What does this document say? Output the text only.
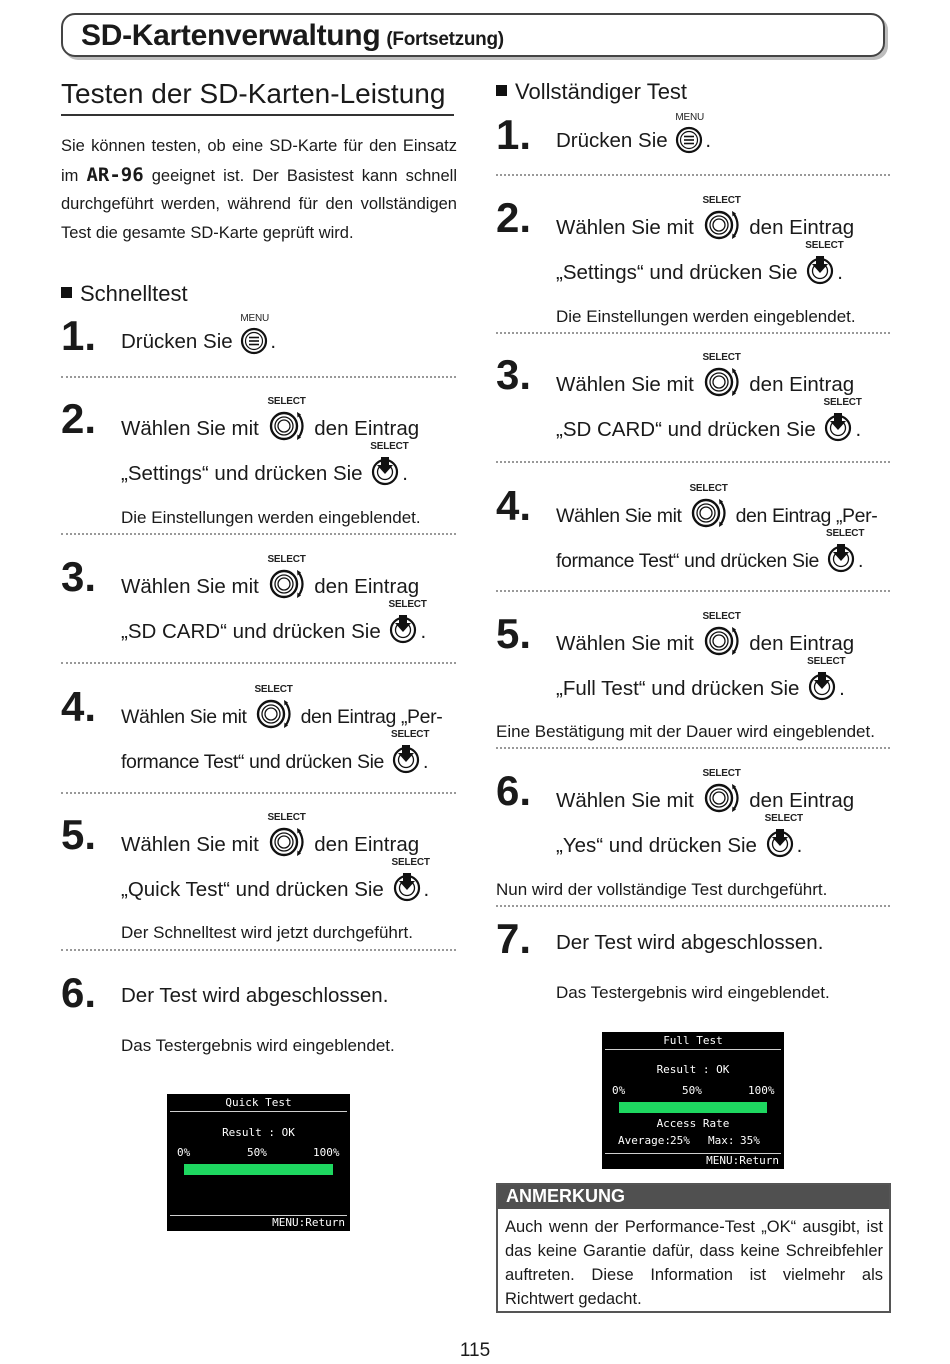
SD-Kartenverwaltung (Fortsetzung)
Testen der SD-Karten-Leistung
Sie können testen, ob eine SD-Karte für den Einsatz im AR-96 geeignet ist. Der Basistest kann schnell durchgeführt werden, während für den vollständigen Test die gesamte SD-Karte geprüft wird.
Schnelltest
1. Drücken Sie
MENU
.
2. Wählen Sie mit
SELECT
den Eintrag
„Settings“ und drücken Sie
SELECT
.
Die Einstellungen werden eingeblendet.
3. Wählen Sie mit
SELECT
den Eintrag
„SD CARD“ und drücken Sie
SELECT
.
4. Wählen Sie mit
SELECT
den Eintrag „Per-
formance Test“ und drücken Sie
SELECT
.
5. Wählen Sie mit
SELECT
den Eintrag
„Quick Test“ und drücken Sie
SELECT
.
Der Schnelltest wird jetzt durchgeführt.
6. Der Test wird abgeschlossen.
Das Testergebnis wird eingeblendet.
Quick Test
Result : OK
0%	50%	100%
MENU:Return
Vollständiger Test
1. Drücken Sie
MENU
.
2. Wählen Sie mit
SELECT
den Eintrag
„Settings“ und drücken Sie
SELECT
.
Die Einstellungen werden eingeblendet.
3. Wählen Sie mit
SELECT
den Eintrag
„SD CARD“ und drücken Sie
SELECT
.
4. Wählen Sie mit
SELECT
den Eintrag „Per-
formance Test“ und drücken Sie
SELECT
.
5. Wählen Sie mit
SELECT
den Eintrag
„Full Test“ und drücken Sie
SELECT
.
Eine Bestätigung mit der Dauer wird eingeblendet.
6. Wählen Sie mit
SELECT
den Eintrag
„Yes“ und drücken Sie
SELECT
.
Nun wird der vollständige Test durchgeführt.
7. Der Test wird abgeschlossen.
Das Testergebnis wird eingeblendet.
Full Test
Result : OK
0%	50%	100%
Access Rate
Average: 25% Max: 35%
MENU:Return
ANMERKUNG
Auch wenn der Performance-Test „OK“ ausgibt, ist das keine Garantie dafür, dass keine Schreibfehler auftreten. Diese Information ist vielmehr als Richtwert gedacht.
115
